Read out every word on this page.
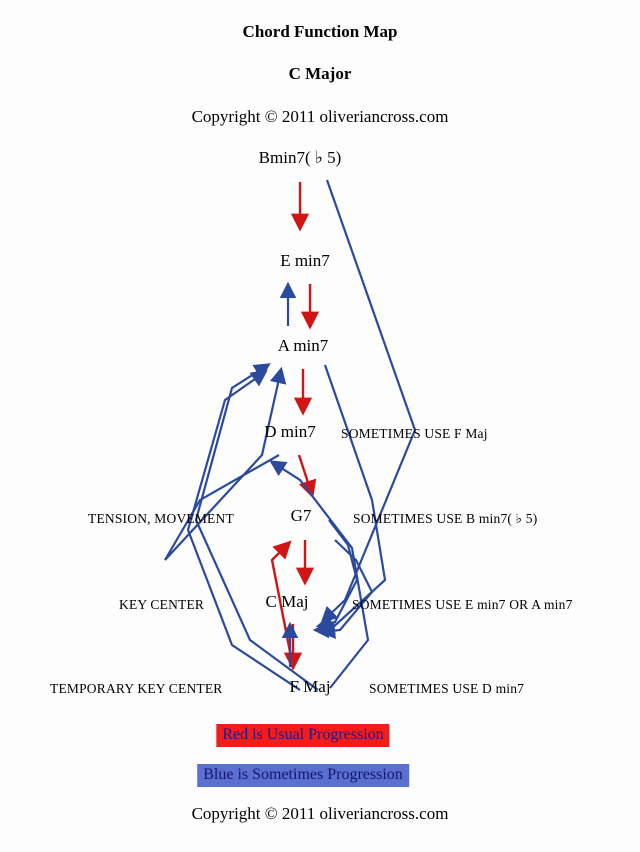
Chord Function Map
C Major
Copyright © 2011 oliveriancross.com
Bmin7( ♭ 5)
E min7
A min7
D min7
G7
C Maj
F Maj
SOMETIMES USE F Maj
SOMETIMES USE B min7( ♭ 5)
TENSION, MOVEMENT
SOMETIMES USE E min7 OR A min7
KEY CENTER
SOMETIMES USE D min7
TEMPORARY KEY CENTER
Red is Usual Progression
Blue is Sometimes Progression
Copyright © 2011 oliveriancross.com
